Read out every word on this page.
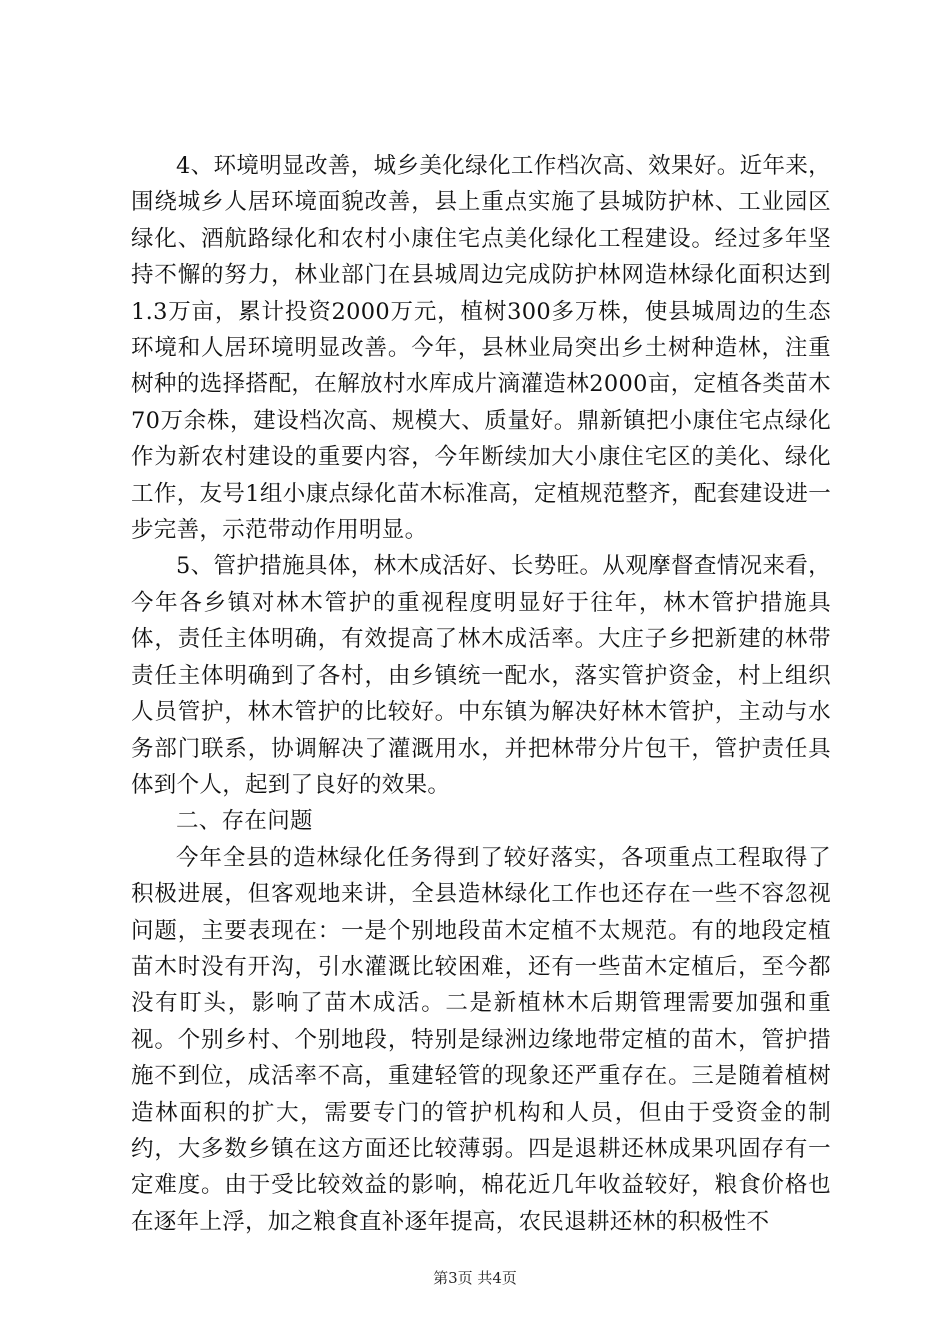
4、环境明显改善，城乡美化绿化工作档次高、效果好。近年来，围绕城乡人居环境面貌改善，县上重点实施了县城防护林、工业园区绿化、酒航路绿化和农村小康住宅点美化绿化工程建设。经过多年坚持不懈的努力，林业部门在县城周边完成防护林网造林绿化面积达到1.3万亩，累计投资2000万元，植树300多万株，使县城周边的生态环境和人居环境明显改善。今年，县林业局突出乡土树种造林，注重树种的选择搭配，在解放村水库成片滴灌造林2000亩，定植各类苗木70万余株，建设档次高、规模大、质量好。鼎新镇把小康住宅点绿化作为新农村建设的重要内容，今年断续加大小康住宅区的美化、绿化工作，友号1组小康点绿化苗木标准高，定植规范整齐，配套建设进一步完善，示范带动作用明显。

5、管护措施具体，林木成活好、长势旺。从观摩督查情况来看，今年各乡镇对林木管护的重视程度明显好于往年，林木管护措施具体，责任主体明确，有效提高了林木成活率。大庄子乡把新建的林带责任主体明确到了各村，由乡镇统一配水，落实管护资金，村上组织人员管护，林木管护的比较好。中东镇为解决好林木管护，主动与水务部门联系，协调解决了灌溉用水，并把林带分片包干，管护责任具体到个人，起到了良好的效果。

二、存在问题

今年全县的造林绿化任务得到了较好落实，各项重点工程取得了积极进展，但客观地来讲，全县造林绿化工作也还存在一些不容忽视问题，主要表现在：一是个别地段苗木定植不太规范。有的地段定植苗木时没有开沟，引水灌溉比较困难，还有一些苗木定植后，至今都没有盯头，影响了苗木成活。二是新植林木后期管理需要加强和重视。个别乡村、个别地段，特别是绿洲边缘地带定植的苗木，管护措施不到位，成活率不高，重建轻管的现象还严重存在。三是随着植树造林面积的扩大，需要专门的管护机构和人员，但由于受资金的制约，大多数乡镇在这方面还比较薄弱。四是退耕还林成果巩固存有一定难度。由于受比较效益的影响，棉花近几年收益较好，粮食价格也在逐年上浮，加之粮食直补逐年提高，农民退耕还林的积极性不

第3页 共4页
